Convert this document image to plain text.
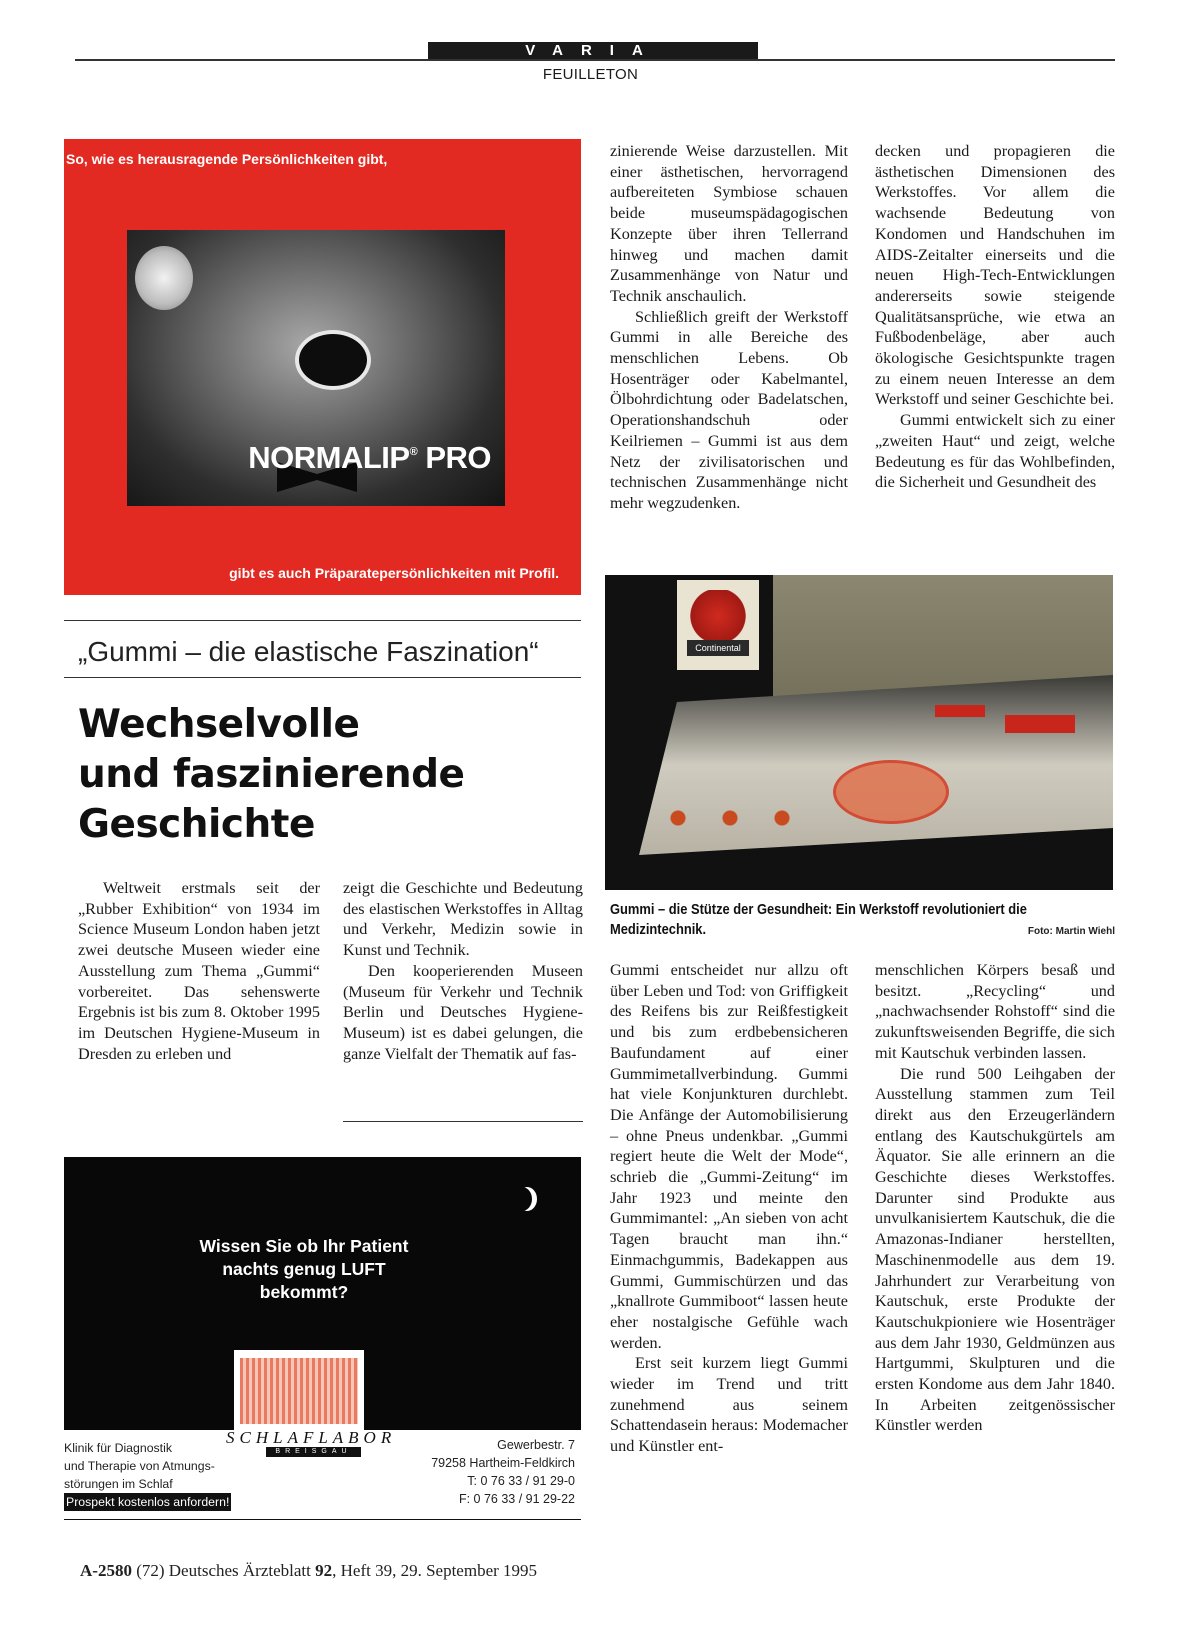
VARIA
FEUILLETON
So, wie es herausragende Persönlichkeiten gibt,
NORMALIP® PRO
gibt es auch Präparatepersönlichkeiten mit Profil.
„Gummi – die elastische Faszination“
Wechselvolle
und faszinierende
Geschichte

Weltweit erstmals seit der „Rubber Exhibition“ von 1934 im Science Museum London haben jetzt zwei deutsche Museen wieder eine Ausstellung zum Thema „Gummi“ vorbereitet. Das sehenswerte Ergebnis ist bis zum 8. Oktober 1995 im Deutschen Hygiene-Museum in Dresden zu erleben und

zeigt die Geschichte und Bedeutung des elastischen Werkstoffes in Alltag und Verkehr, Medizin sowie in Kunst und Technik.

Den kooperierenden Museen (Museum für Verkehr und Technik Berlin und Deutsches Hygiene-Museum) ist es dabei gelungen, die ganze Vielfalt der Thematik auf fas-

zinierende Weise darzustellen. Mit einer ästhetischen, hervorragend aufbereiteten Symbiose schauen beide museumspädagogischen Konzepte über ihren Tellerrand hinweg und machen damit Zusammenhänge von Natur und Technik anschaulich.

Schließlich greift der Werkstoff Gummi in alle Bereiche des menschlichen Lebens. Ob Hosenträger oder Kabelmantel, Ölbohrdichtung oder Badelatschen, Operationshandschuh oder Keilriemen – Gummi ist aus dem Netz der zivilisatorischen und technischen Zusammenhänge nicht mehr wegzudenken.

decken und propagieren die ästhetischen Dimensionen des Werkstoffes. Vor allem die wachsende Bedeutung von Kondomen und Handschuhen im AIDS-Zeitalter einerseits und die neuen High-Tech-Entwicklungen andererseits sowie steigende Qualitätsansprüche, wie etwa an Fußbodenbeläge, aber auch ökologische Gesichtspunkte tragen zu einem neuen Interesse an dem Werkstoff und seiner Geschichte bei.

Gummi entwickelt sich zu einer „zweiten Haut“ und zeigt, welche Bedeutung es für das Wohlbefinden, die Sicherheit und Gesundheit des

Continental
Gummi – die Stütze der Gesundheit: Ein Werkstoff revolutioniert die Medizintechnik.	Foto: Martin Wiehl

Gummi entscheidet nur allzu oft über Leben und Tod: von Griffigkeit des Reifens bis zur Reißfestigkeit und bis zum erdbebensicheren Baufundament auf einer Gummimetallverbindung. Gummi hat viele Konjunkturen durchlebt. Die Anfänge der Automobilisierung – ohne Pneus undenkbar. „Gummi regiert heute die Welt der Mode“, schrieb die „Gummi-Zeitung“ im Jahr 1923 und meinte den Gummimantel: „An sieben von acht Tagen braucht man ihn.“ Einmachgummis, Badekappen aus Gummi, Gummischürzen und das „knallrote Gummiboot“ lassen heute eher nostalgische Gefühle wach werden.

Erst seit kurzem liegt Gummi wieder im Trend und tritt zunehmend aus seinem Schattendasein heraus: Modemacher und Künstler ent-

menschlichen Körpers besaß und besitzt. „Recycling“ und „nachwachsender Rohstoff“ sind die zukunftsweisenden Begriffe, die sich mit Kautschuk verbinden lassen.

Die rund 500 Leihgaben der Ausstellung stammen zum Teil direkt aus den Erzeugerländern entlang des Kautschukgürtels am Äquator. Sie alle erinnern an die Geschichte dieses Werkstoffes. Darunter sind Produkte aus unvulkanisiertem Kautschuk, die die Amazonas-Indianer herstellten, Maschinenmodelle aus dem 19. Jahrhundert zur Verarbeitung von Kautschuk, erste Produkte der Kautschukpioniere wie Hosenträger aus dem Jahr 1930, Geldmünzen aus Hartgummi, Skulpturen und die ersten Kondome aus dem Jahr 1840. In Arbeiten zeitgenössischer Künstler werden

Wissen Sie ob Ihr Patient
nachts genug LUFT
bekommt?
SCHLAFLABOR
BREISGAU
Klinik für Diagnostik
und Therapie von Atmungs-
störungen im Schlaf
Prospekt kostenlos anfordern!
Gewerbestr. 7
79258 Hartheim-Feldkirch
T: 0 76 33 / 91 29-0
F: 0 76 33 / 91 29-22
A-2580 (72) Deutsches Ärzteblatt 92, Heft 39, 29. September 1995
